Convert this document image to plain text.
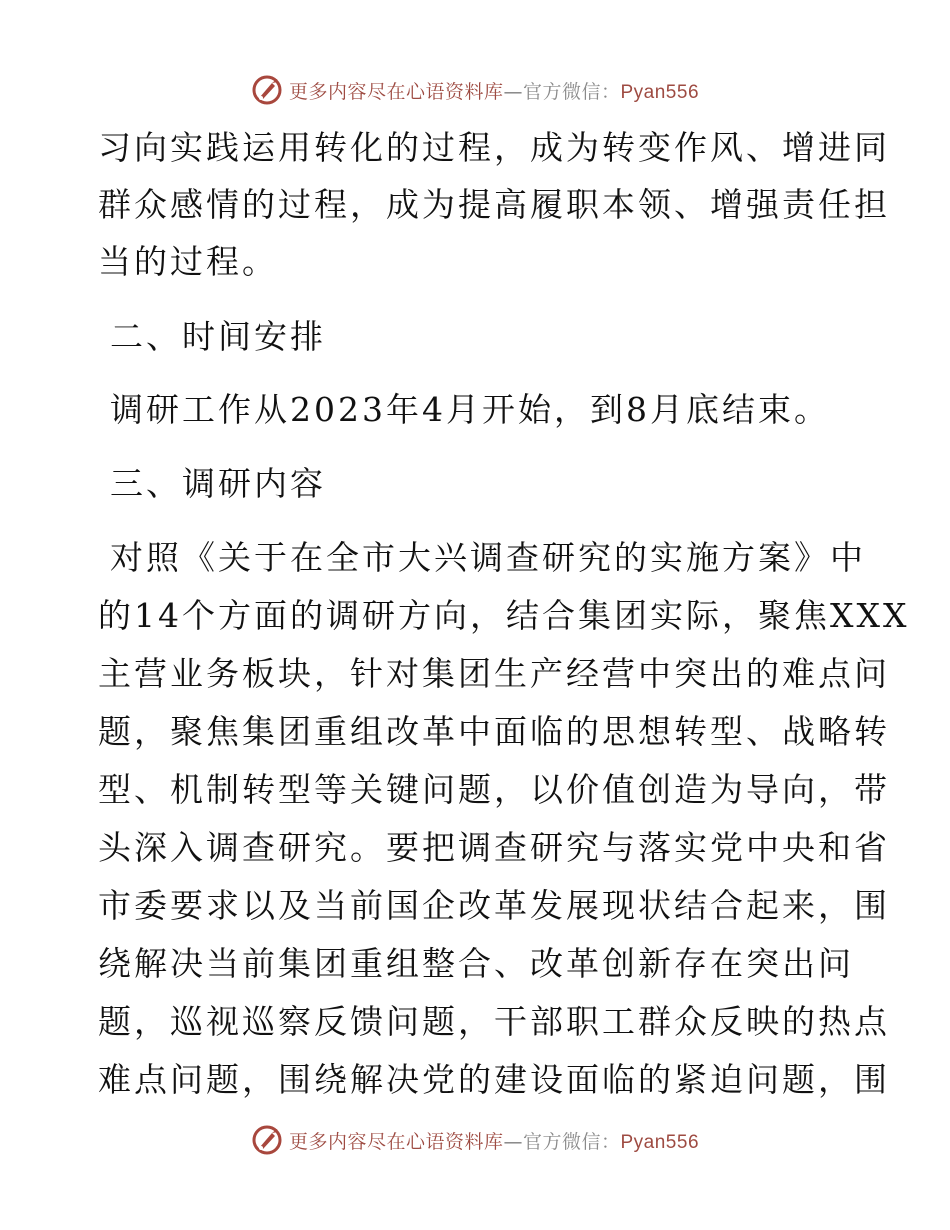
更多内容尽在心语资料库—官方微信：Pyan556
习向实践运用转化的过程，成为转变作风、增进同
群众感情的过程，成为提高履职本领、增强责任担
当的过程。
二、时间安排
调研工作从2023年4月开始，到8月底结束。
三、调研内容
对照《关于在全市大兴调查研究的实施方案》中
的14个方面的调研方向，结合集团实际，聚焦XXX
主营业务板块，针对集团生产经营中突出的难点问
题，聚焦集团重组改革中面临的思想转型、战略转
型、机制转型等关键问题，以价值创造为导向，带
头深入调查研究。要把调查研究与落实党中央和省
市委要求以及当前国企改革发展现状结合起来，围
绕解决当前集团重组整合、改革创新存在突出问
题，巡视巡察反馈问题，干部职工群众反映的热点
难点问题，围绕解决党的建设面临的紧迫问题，围
更多内容尽在心语资料库—官方微信：Pyan556
